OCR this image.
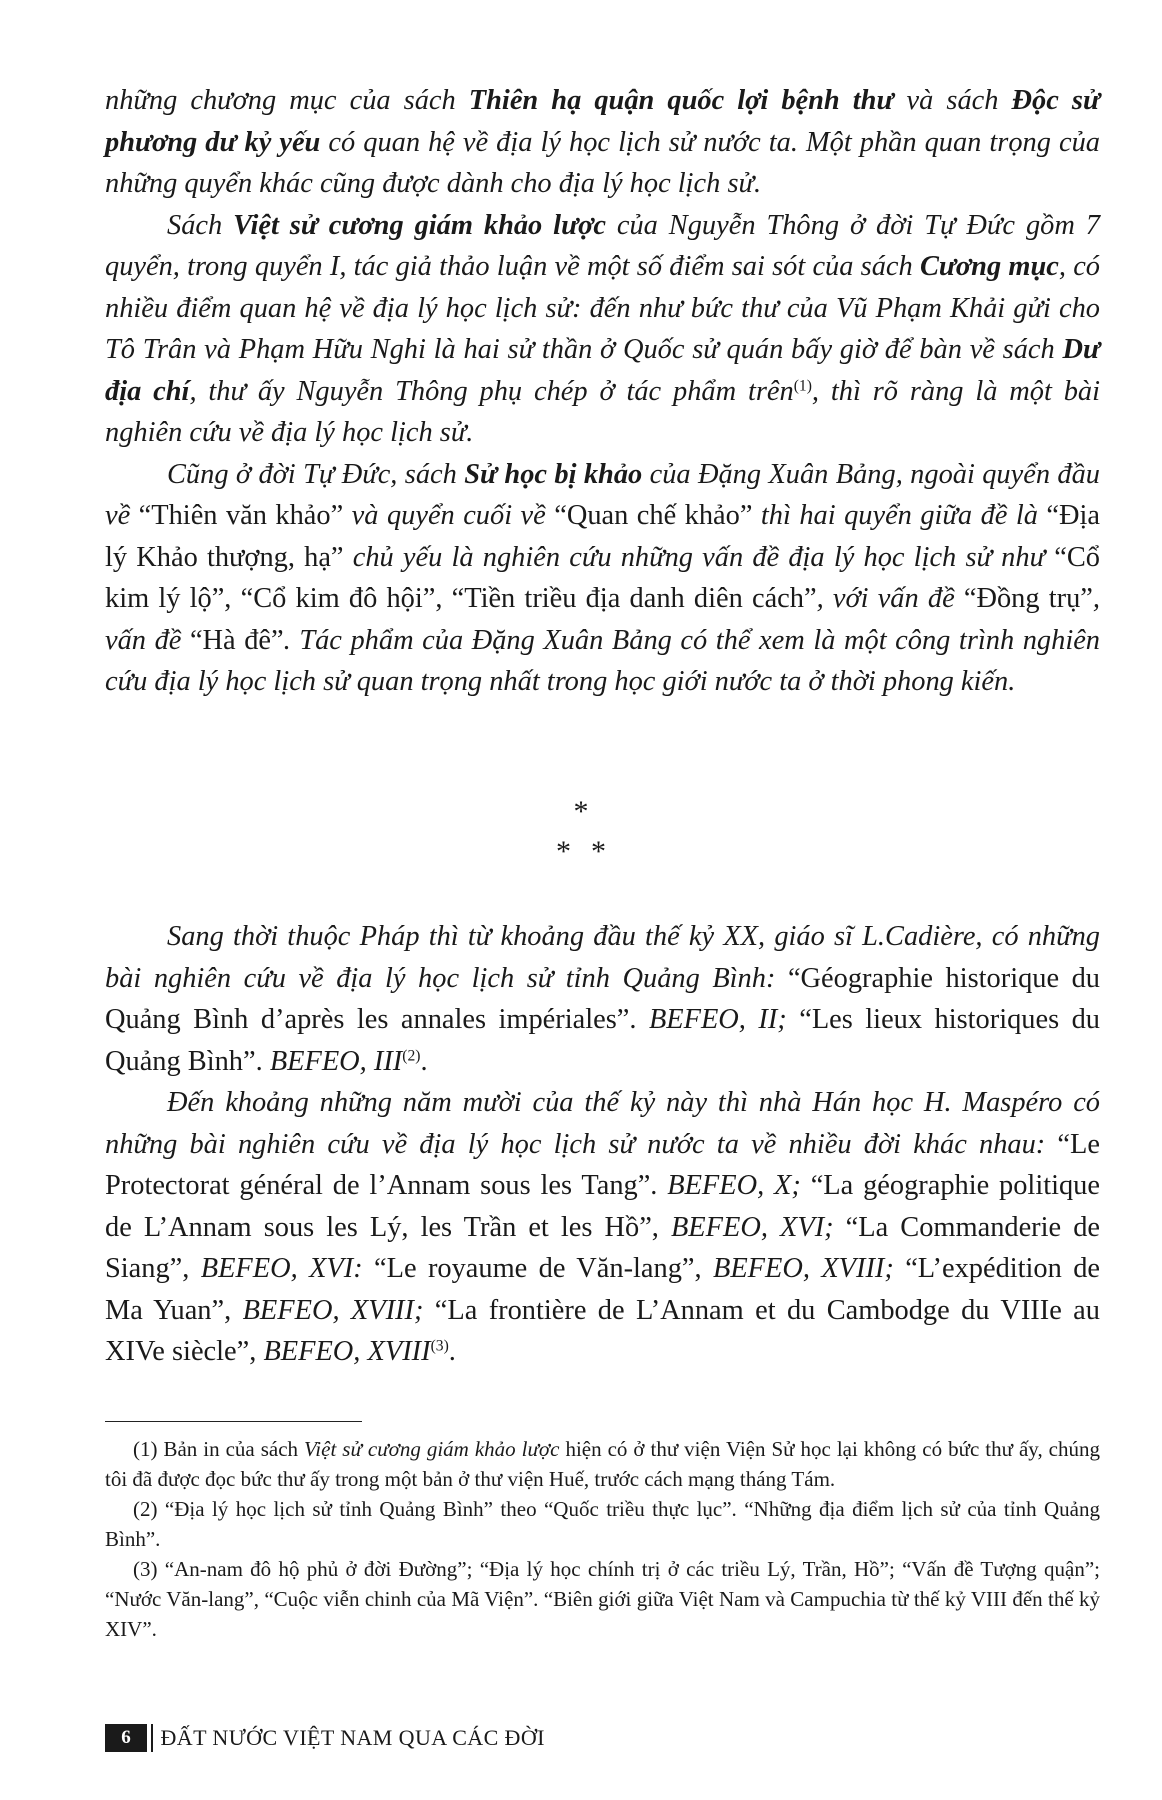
những chương mục của sách Thiên hạ quận quốc lợi bệnh thư và sách Độc sử phương dư kỷ yếu có quan hệ về địa lý học lịch sử nước ta. Một phần quan trọng của những quyển khác cũng được dành cho địa lý học lịch sử.

Sách Việt sử cương giám khảo lược của Nguyễn Thông ở đời Tự Đức gồm 7 quyển, trong quyển I, tác giả thảo luận về một số điểm sai sót của sách Cương mục, có nhiều điểm quan hệ về địa lý học lịch sử: đến như bức thư của Vũ Phạm Khải gửi cho Tô Trân và Phạm Hữu Nghi là hai sử thần ở Quốc sử quán bấy giờ để bàn về sách Dư địa chí, thư ấy Nguyễn Thông phụ chép ở tác phẩm trên$^{(1)}$, thì rõ ràng là một bài nghiên cứu về địa lý học lịch sử.

Cũng ở đời Tự Đức, sách Sử học bị khảo của Đặng Xuân Bảng, ngoài quyển đầu về “Thiên văn khảo” và quyển cuối về “Quan chế khảo” thì hai quyển giữa đề là “Địa lý Khảo thượng, hạ” chủ yếu là nghiên cứu những vấn đề địa lý học lịch sử như “Cổ kim lý lộ”, “Cổ kim đô hội”, “Tiền triều địa danh diên cách”, với vấn đề “Đồng trụ”, vấn đề “Hà đê”. Tác phẩm của Đặng Xuân Bảng có thể xem là một công trình nghiên cứu địa lý học lịch sử quan trọng nhất trong học giới nước ta ở thời phong kiến.

*
* *

Sang thời thuộc Pháp thì từ khoảng đầu thế kỷ XX, giáo sĩ L.Cadière, có những bài nghiên cứu về địa lý học lịch sử tỉnh Quảng Bình: “Géographie historique du Quảng Bình d’après les annales impériales”. BEFEO, II; “Les lieux historiques du Quảng Bình”. BEFEO, III$^{(2)}$.

Đến khoảng những năm mười của thế kỷ này thì nhà Hán học H. Maspéro có những bài nghiên cứu về địa lý học lịch sử nước ta về nhiều đời khác nhau: “Le Protectorat général de l’Annam sous les Tang”. BEFEO, X; “La géographie politique de L’Annam sous les Lý, les Trần et les Hồ”, BEFEO, XVI; “La Commanderie de Siang”, BEFEO, XVI: “Le royaume de Văn-lang”, BEFEO, XVIII; “L’expédition de Ma Yuan”, BEFEO, XVIII; “La frontière de L’Annam et du Cambodge du VIIIe au XIVe siècle”, BEFEO, XVIII$^{(3)}$.

(1) Bản in của sách Việt sử cương giám khảo lược hiện có ở thư viện Viện Sử học lại không có bức thư ấy, chúng tôi đã được đọc bức thư ấy trong một bản ở thư viện Huế, trước cách mạng tháng Tám.

(2) “Địa lý học lịch sử tỉnh Quảng Bình” theo “Quốc triều thực lục”. “Những địa điểm lịch sử của tỉnh Quảng Bình”.

(3) “An-nam đô hộ phủ ở đời Đường”; “Địa lý học chính trị ở các triều Lý, Trần, Hồ”; “Vấn đề Tượng quận”; “Nước Văn-lang”, “Cuộc viễn chinh của Mã Viện”. “Biên giới giữa Việt Nam và Campuchia từ thế kỷ VIII đến thế kỷ XIV”.

6	ĐẤT NƯỚC VIỆT NAM QUA CÁC ĐỜI
